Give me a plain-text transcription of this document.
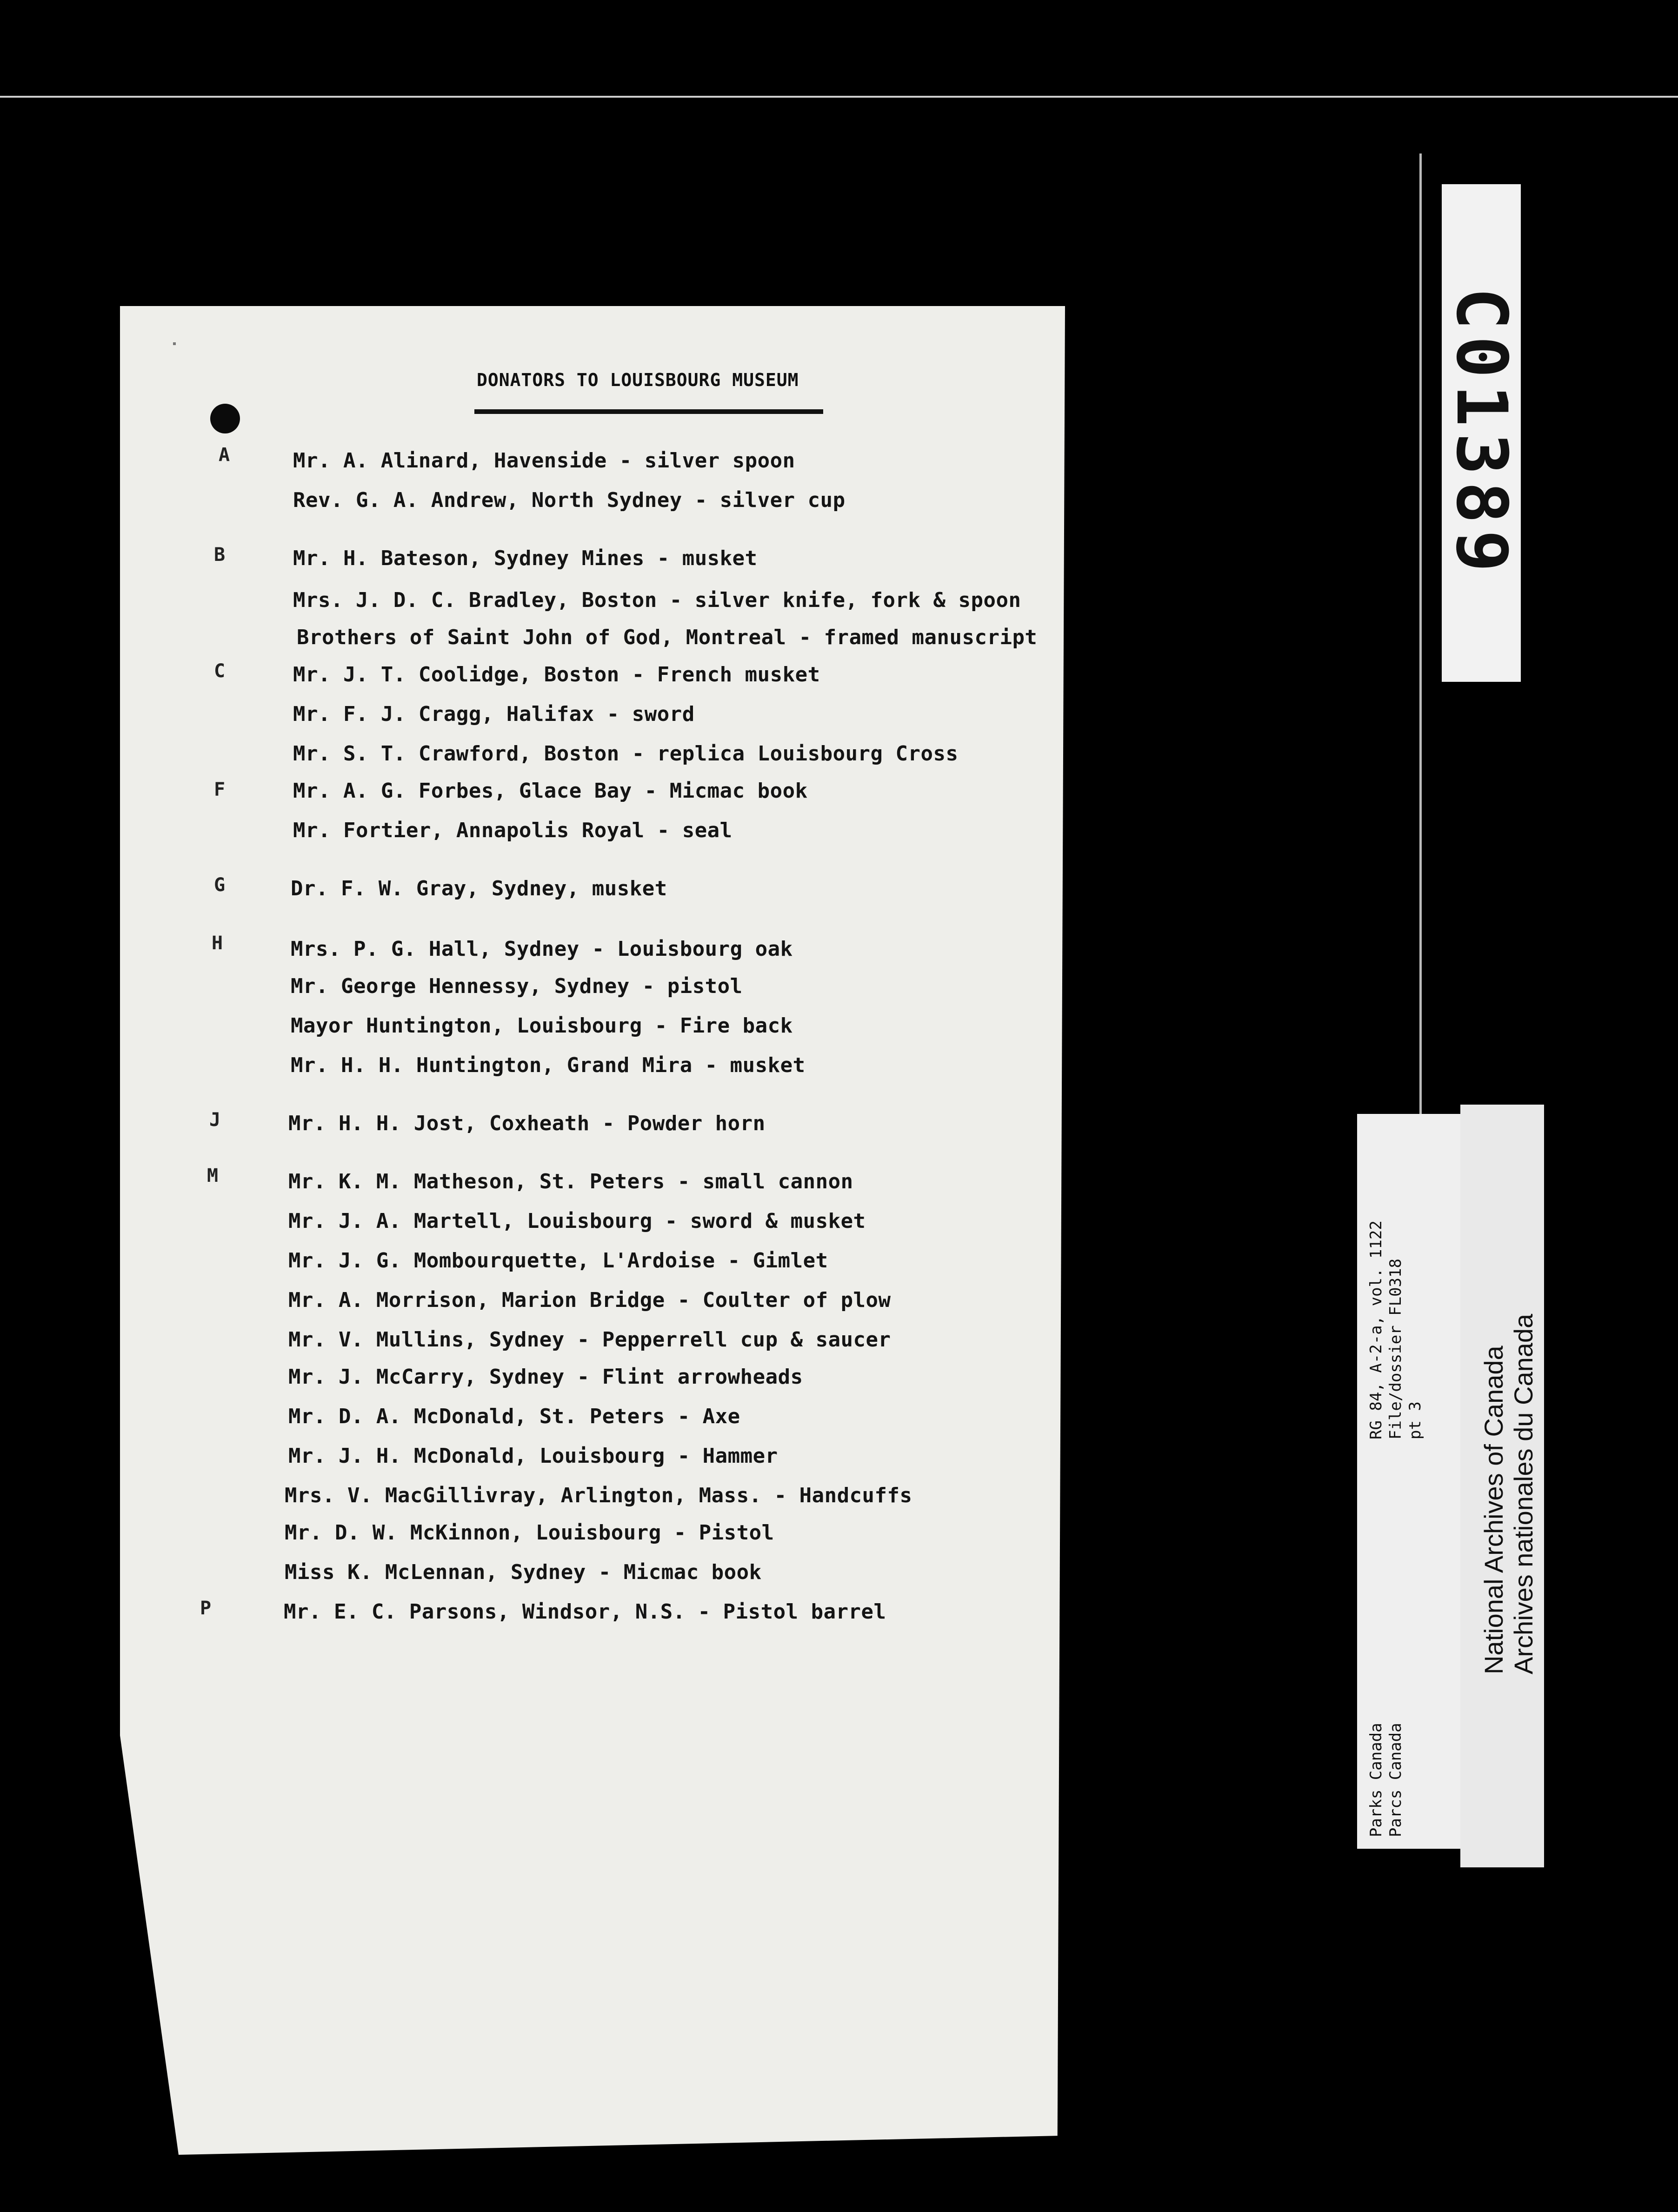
DONATORS TO LOUISBOURG MUSEUM
A
B
C
F
G
H
J
M
P
Mr. A. Alinard, Havenside - silver spoon
Rev. G. A. Andrew, North Sydney - silver cup
Mr. H. Bateson, Sydney Mines - musket
Mrs. J. D. C. Bradley, Boston - silver knife, fork & spoon
Brothers of Saint John of God, Montreal - framed manuscript
Mr. J. T. Coolidge, Boston - French musket
Mr. F. J. Cragg, Halifax - sword
Mr. S. T. Crawford, Boston - replica Louisbourg Cross
Mr. A. G. Forbes, Glace Bay - Micmac book
Mr. Fortier, Annapolis Royal - seal
Dr. F. W. Gray, Sydney, musket
Mrs. P. G. Hall, Sydney - Louisbourg oak
Mr. George Hennessy, Sydney - pistol
Mayor Huntington, Louisbourg - Fire back
Mr. H. H. Huntington, Grand Mira - musket
Mr. H. H. Jost, Coxheath - Powder horn
Mr. K. M. Matheson, St. Peters - small cannon
Mr. J. A. Martell, Louisbourg - sword & musket
Mr. J. G. Mombourquette, L'Ardoise - Gimlet
Mr. A. Morrison, Marion Bridge - Coulter of plow
Mr. V. Mullins, Sydney - Pepperrell cup & saucer
Mr. J. McCarry, Sydney - Flint arrowheads
Mr. D. A. McDonald, St. Peters - Axe
Mr. J. H. McDonald, Louisbourg - Hammer
Mrs. V. MacGillivray, Arlington, Mass. - Handcuffs
Mr. D. W. McKinnon, Louisbourg - Pistol
Miss K. McLennan, Sydney - Micmac book
Mr. E. C. Parsons, Windsor, N.S. - Pistol barrel
C01389
RG 84, A-2-a, vol. 1122 File/dossier FL0318 pt 3
Parks Canada Parcs Canada
National Archives of Canada Archives nationales du Canada
